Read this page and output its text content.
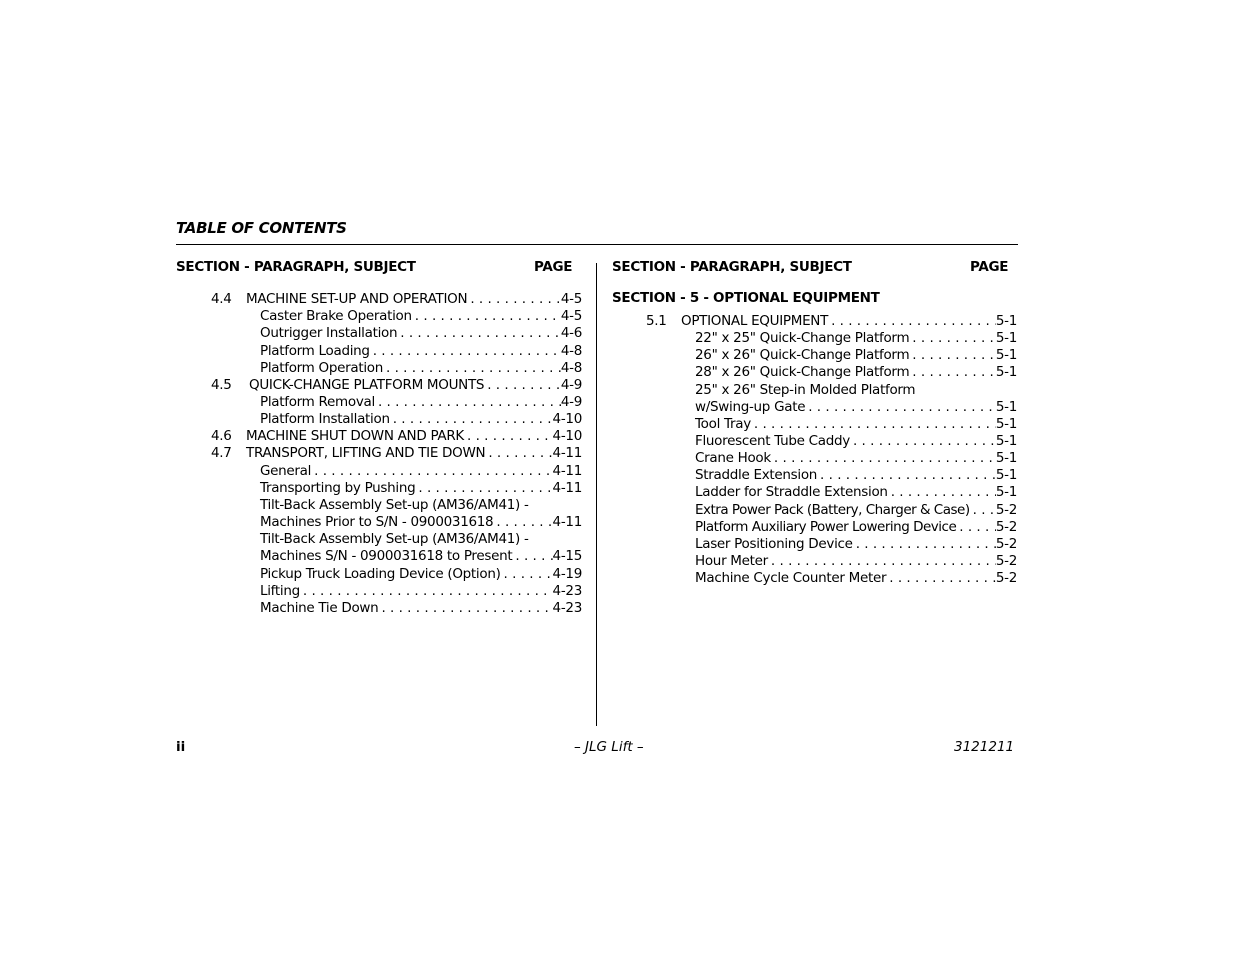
TABLE OF CONTENTS
SECTION - PARAGRAPH, SUBJECT	PAGE	SECTION - PARAGRAPH, SUBJECT	PAGE
SECTION - 5 - OPTIONAL EQUIPMENT
4.4 MACHINE SET-UP AND OPERATION . . .	4-5
Caster Brake Operation . . .	4-5
Outrigger Installation . . .	4-6
Platform Loading . . .	4-8
Platform Operation . . .	4-8
4.5 QUICK-CHANGE PLATFORM MOUNTS . . .	4-9
Platform Removal . . .	4-9
Platform Installation . . .	4-10
4.6 MACHINE SHUT DOWN AND PARK . . .	4-10
4.7 TRANSPORT, LIFTING AND TIE DOWN . . .	4-11
General . . .	4-11
Transporting by Pushing . . .	4-11
Tilt-Back Assembly Set-up (AM36/AM41) -
Machines Prior to S/N - 0900031618 . . .	4-11
Tilt-Back Assembly Set-up (AM36/AM41) -
Machines S/N - 0900031618 to Present . . .	4-15
Pickup Truck Loading Device (Option) . . .	4-19
Lifting . . .	4-23
Machine Tie Down . . .	4-23
5.1 OPTIONAL EQUIPMENT . . .	5-1
22" x 25" Quick-Change Platform . . .	5-1
26" x 26" Quick-Change Platform . . .	5-1
28" x 26" Quick-Change Platform . . .	5-1
25" x 26" Step-in Molded Platform
w/Swing-up Gate . . .	5-1
Tool Tray . . .	5-1
Fluorescent Tube Caddy . . .	5-1
Crane Hook . . .	5-1
Straddle Extension . . .	5-1
Ladder for Straddle Extension . . .	5-1
Extra Power Pack (Battery, Charger & Case) . . . 5-2
Platform Auxiliary Power Lowering Device . . .	5-2
Laser Positioning Device . . .	5-2
Hour Meter . . .	5-2
Machine Cycle Counter Meter . . .	5-2
ii	– JLG Lift –	3121211
